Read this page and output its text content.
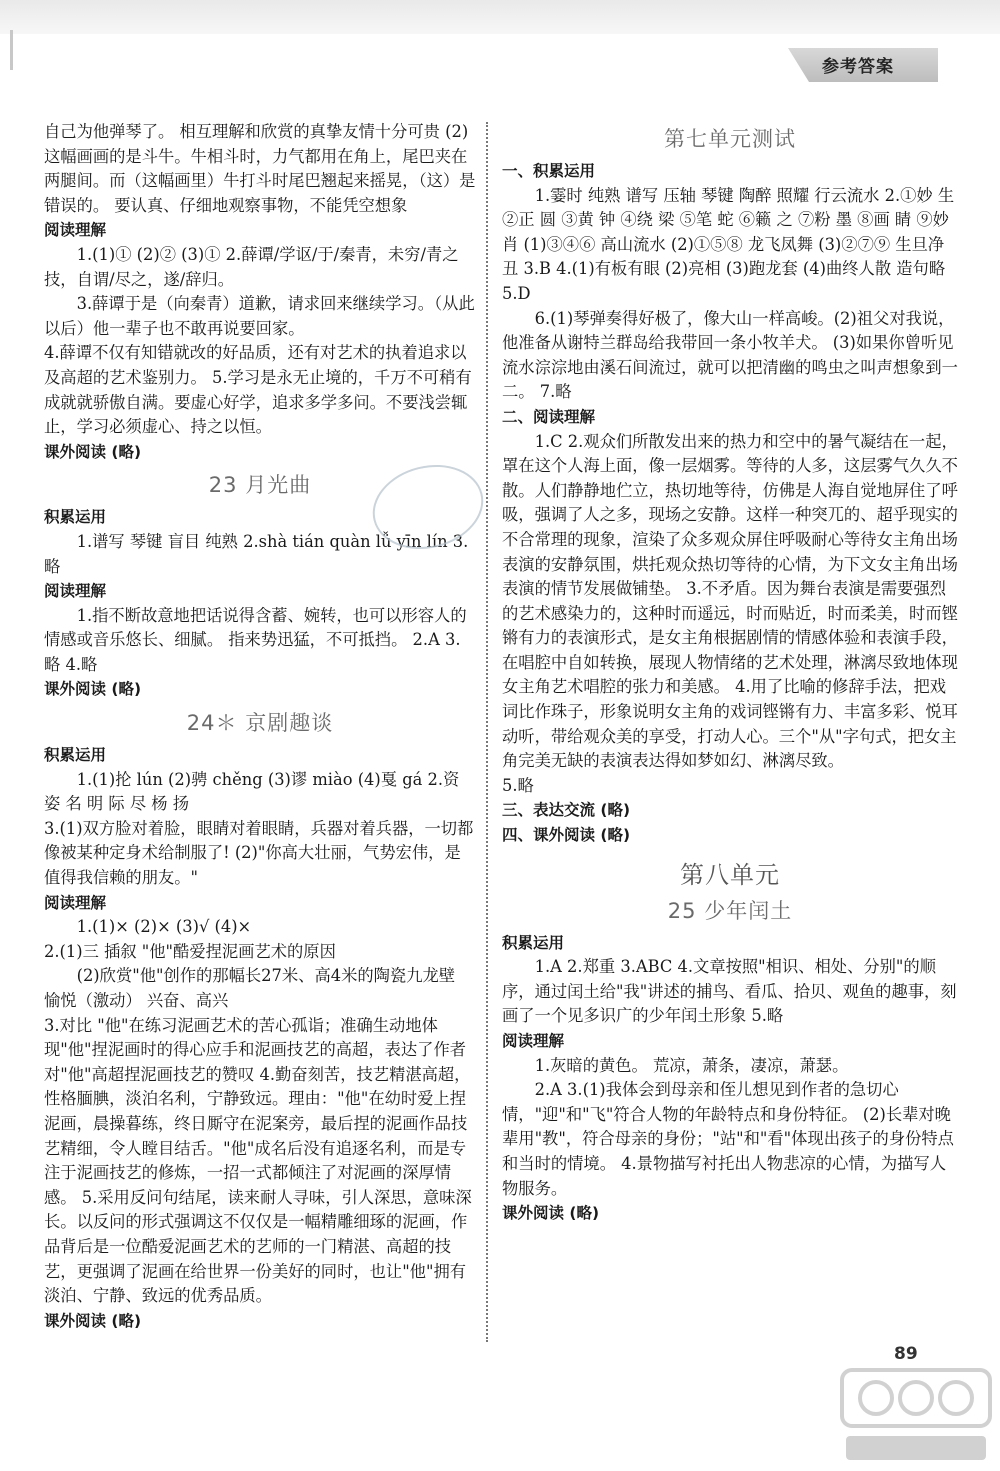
参考答案

自己为他弹琴了。 相互理解和欣赏的真挚友情十分可贵 (2)这幅画画的是斗牛。牛相斗时，力气都用在角上，尾巴夹在两腿间。而（这幅画里）牛打斗时尾巴翘起来摇晃，（这）是错误的。 要认真、仔细地观察事物，不能凭空想象

阅读理解

1.(1)① (2)② (3)① 2.薛谭/学讴/于/秦青，未穷/青之技，自谓/尽之，遂/辞归。

3.薛谭于是（向秦青）道歉，请求回来继续学习。（从此以后）他一辈子也不敢再说要回家。

4.薛谭不仅有知错就改的好品质，还有对艺术的执着追求以及高超的艺术鉴别力。 5.学习是永无止境的，千万不可稍有成就就骄傲自满。要虚心好学，追求多学多问。不要浅尝辄止，学习必须虚心、持之以恒。

课外阅读 (略)
23 月光曲
积累运用

1.谱写 琴键 盲目 纯熟 2.shà tián quàn lǚ yīn lín 3.略

阅读理解

1.指不断故意地把话说得含蓄、婉转，也可以形容人的情感或音乐悠长、细腻。 指来势迅猛，不可抵挡。 2.A 3.略 4.略

课外阅读 (略)
24＊ 京剧趣谈
积累运用

1.(1)抡 lún (2)骋 chěng (3)谬 miào (4)戛 gá 2.资 姿 名 明 际 尽 杨 扬

3.(1)双方脸对着脸，眼睛对着眼睛，兵器对着兵器，一切都像被某种定身术给制服了! (2)"你高大壮丽，气势宏伟，是值得我信赖的朋友。"

阅读理解

1.(1)× (2)× (3)√ (4)×

2.(1)三 插叙 "他"酷爱捏泥画艺术的原因

(2)欣赏"他"创作的那幅长27米、高4米的陶瓷九龙壁 愉悦（激动） 兴奋、高兴

3.对比 "他"在练习泥画艺术的苦心孤诣；准确生动地体现"他"捏泥画时的得心应手和泥画技艺的高超，表达了作者对"他"高超捏泥画技艺的赞叹 4.勤奋刻苦，技艺精湛高超，性格腼腆，淡泊名利，宁静致远。理由："他"在幼时爱上捏泥画，晨操暮练，终日厮守在泥案旁，最后捏的泥画作品技艺精细，令人瞠目结舌。"他"成名后没有追逐名利，而是专注于泥画技艺的修炼，一招一式都倾注了对泥画的深厚情感。 5.采用反问句结尾，读来耐人寻味，引人深思，意味深长。以反问的形式强调这不仅仅是一幅精雕细琢的泥画，作品背后是一位酷爱泥画艺术的艺师的一门精湛、高超的技艺，更强调了泥画在给世界一份美好的同时，也让"他"拥有淡泊、宁静、致远的优秀品质。

课外阅读 (略)
第七单元测试
一、积累运用

1.霎时 纯熟 谱写 压轴 琴键 陶醉 照耀 行云流水 2.①妙 生 ②正 圆 ③黄 钟 ④绕 梁 ⑤笔 蛇 ⑥籁 之 ⑦粉 墨 ⑧画 睛 ⑨妙 肖 (1)③④⑥ 高山流水 (2)①⑤⑧ 龙飞凤舞 (3)②⑦⑨ 生旦净丑 3.B 4.(1)有板有眼 (2)亮相 (3)跑龙套 (4)曲终人散 造句略 5.D

6.(1)琴弹奏得好极了，像大山一样高峻。(2)祖父对我说，他准备从谢特兰群岛给我带回一条小牧羊犬。 (3)如果你曾听见流水淙淙地由溪石间流过，就可以把清幽的鸣虫之叫声想象到一二。 7.略

二、阅读理解

1.C 2.观众们所散发出来的热力和空中的暑气凝结在一起，罩在这个人海上面，像一层烟雾。等待的人多，这层雾气久久不散。人们静静地伫立，热切地等待，仿佛是人海自觉地屏住了呼吸，强调了人之多，现场之安静。这样一种突兀的、超乎现实的不合常理的现象，渲染了众多观众屏住呼吸耐心等待女主角出场表演的安静氛围，烘托观众热切等待的心情，为下文女主角出场表演的情节发展做铺垫。 3.不矛盾。因为舞台表演是需要强烈的艺术感染力的，这种时而遥远，时而贴近，时而柔美，时而铿锵有力的表演形式，是女主角根据剧情的情感体验和表演手段，在唱腔中自如转换，展现人物情绪的艺术处理，淋漓尽致地体现女主角艺术唱腔的张力和美感。 4.用了比喻的修辞手法，把戏词比作珠子，形象说明女主角的戏词铿锵有力、丰富多彩、悦耳动听，带给观众美的享受，打动人心。三个"从"字句式，把女主角完美无缺的表演表达得如梦如幻、淋漓尽致。

5.略

三、表达交流 (略)
四、课外阅读 (略)
第八单元
25 少年闰土
积累运用

1.A 2.郑重 3.ABC 4.文章按照"相识、相处、分别"的顺序，通过闰土给"我"讲述的捕鸟、看瓜、拾贝、观鱼的趣事，刻画了一个见多识广的少年闰土形象 5.略

阅读理解

1.灰暗的黄色。 荒凉，萧条，凄凉，萧瑟。

2.A 3.(1)我体会到母亲和侄儿想见到作者的急切心情，"迎"和"飞"符合人物的年龄特点和身份特征。 (2)长辈对晚辈用"教"，符合母亲的身份；"站"和"看"体现出孩子的身份特点和当时的情境。 4.景物描写衬托出人物悲凉的心情，为描写人物服务。

课外阅读 (略)
89
